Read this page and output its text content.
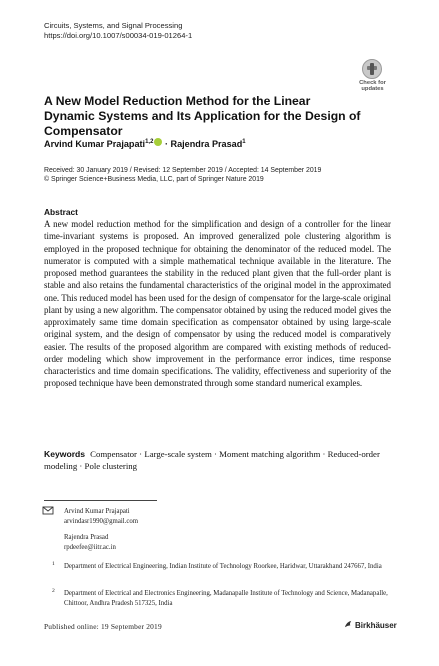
Circuits, Systems, and Signal Processing
https://doi.org/10.1007/s00034-019-01264-1
Check for
updates
A New Model Reduction Method for the Linear Dynamic Systems and Its Application for the Design of Compensator
Arvind Kumar Prajapati$^{1,2}$ · Rajendra Prasad$^1$
Received: 30 January 2019 / Revised: 12 September 2019 / Accepted: 14 September 2019
© Springer Science+Business Media, LLC, part of Springer Nature 2019
Abstract
A new model reduction method for the simplification and design of a controller for the linear time-invariant systems is proposed. An improved generalized pole clustering algorithm is employed in the proposed technique for obtaining the denominator of the reduced model. The numerator is computed with a simple mathematical technique available in the literature. The proposed method guarantees the stability in the reduced plant given that the full-order plant is stable and also retains the fundamental characteristics of the original model in the approximated one. This reduced model has been used for the design of compensator for the large-scale original plant by using a new algorithm. The compensator obtained by using the reduced model gives the approximately same time domain specification as compensator obtained by using large-scale original system, and the design of compensator by using the reduced model is comparatively easier. The results of the proposed algorithm are compared with existing methods of reduced-order modeling which show improvement in the performance error indices, time response characteristics and time domain specifications. The validity, effectiveness and superiority of the proposed technique have been demonstrated through some standard numerical examples.
Keywords Compensator · Large-scale system · Moment matching algorithm · Reduced-order modeling · Pole clustering
Arvind Kumar Prajapati
arvindasr1990@gmail.com
Rajendra Prasad
rpdeefee@iitr.ac.in
1 Department of Electrical Engineering, Indian Institute of Technology Roorkee, Haridwar, Uttarakhand 247667, India
2 Department of Electrical and Electronics Engineering, Madanapalle Institute of Technology and Science, Madanapalle, Chittoor, Andhra Pradesh 517325, India
Published online: 19 September 2019	Birkhäuser
